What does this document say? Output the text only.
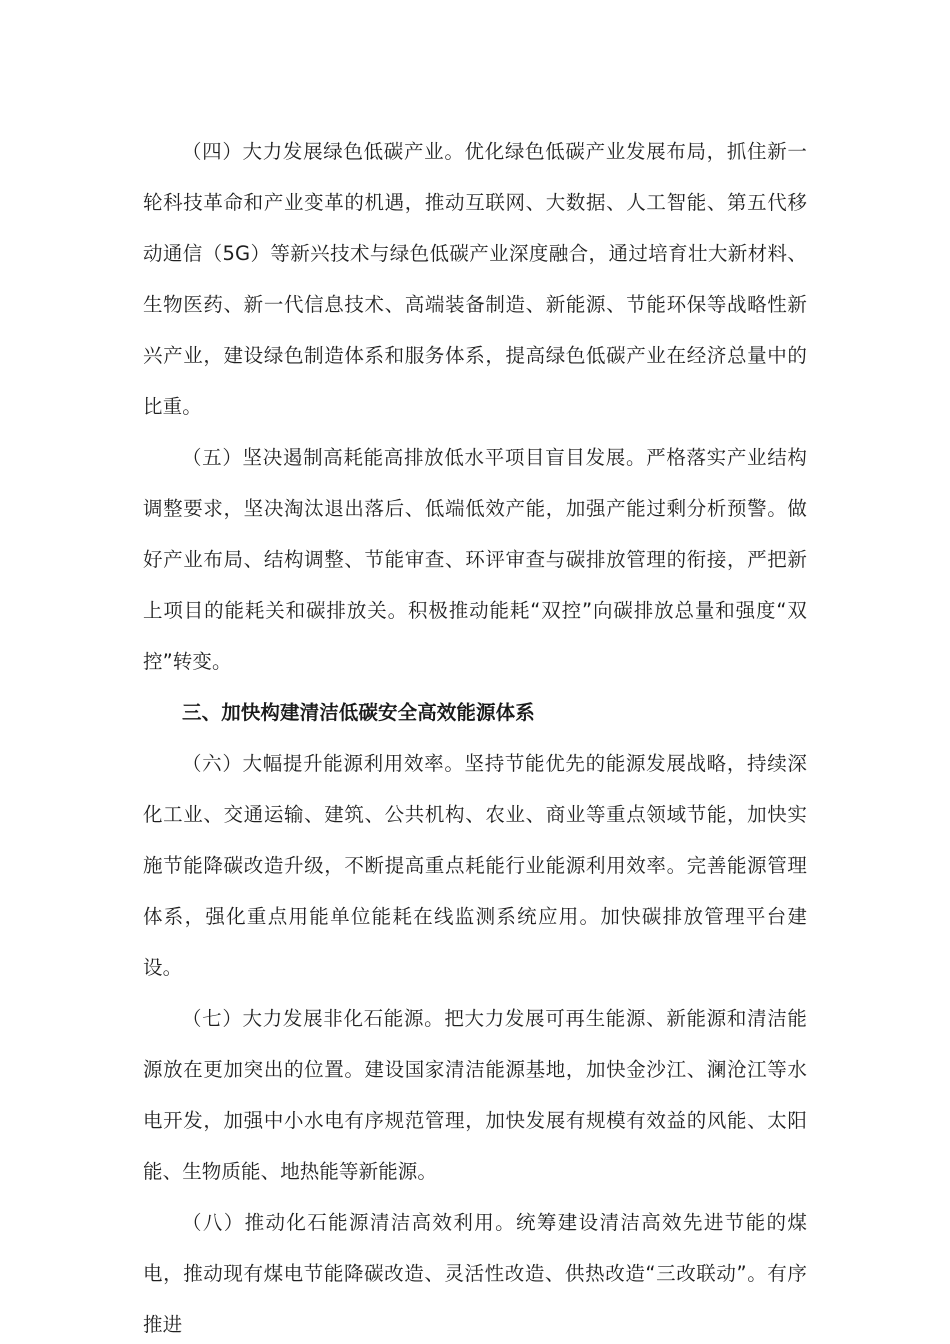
（四）大力发展绿色低碳产业。优化绿色低碳产业发展布局，抓住新一轮科技革命和产业变革的机遇，推动互联网、大数据、人工智能、第五代移动通信（5G）等新兴技术与绿色低碳产业深度融合，通过培育壮大新材料、生物医药、新一代信息技术、高端装备制造、新能源、节能环保等战略性新兴产业，建设绿色制造体系和服务体系，提高绿色低碳产业在经济总量中的比重。

（五）坚决遏制高耗能高排放低水平项目盲目发展。严格落实产业结构调整要求，坚决淘汰退出落后、低端低效产能，加强产能过剩分析预警。做好产业布局、结构调整、节能审查、环评审查与碳排放管理的衔接，严把新上项目的能耗关和碳排放关。积极推动能耗“双控”向碳排放总量和强度“双控”转变。

三、加快构建清洁低碳安全高效能源体系

（六）大幅提升能源利用效率。坚持节能优先的能源发展战略，持续深化工业、交通运输、建筑、公共机构、农业、商业等重点领域节能，加快实施节能降碳改造升级，不断提高重点耗能行业能源利用效率。完善能源管理体系，强化重点用能单位能耗在线监测系统应用。加快碳排放管理平台建设。

（七）大力发展非化石能源。把大力发展可再生能源、新能源和清洁能源放在更加突出的位置。建设国家清洁能源基地，加快金沙江、澜沧江等水电开发，加强中小水电有序规范管理，加快发展有规模有效益的风能、太阳能、生物质能、地热能等新能源。

（八）推动化石能源清洁高效利用。统筹建设清洁高效先进节能的煤电，推动现有煤电节能降碳改造、灵活性改造、供热改造“三改联动”。有序推进
